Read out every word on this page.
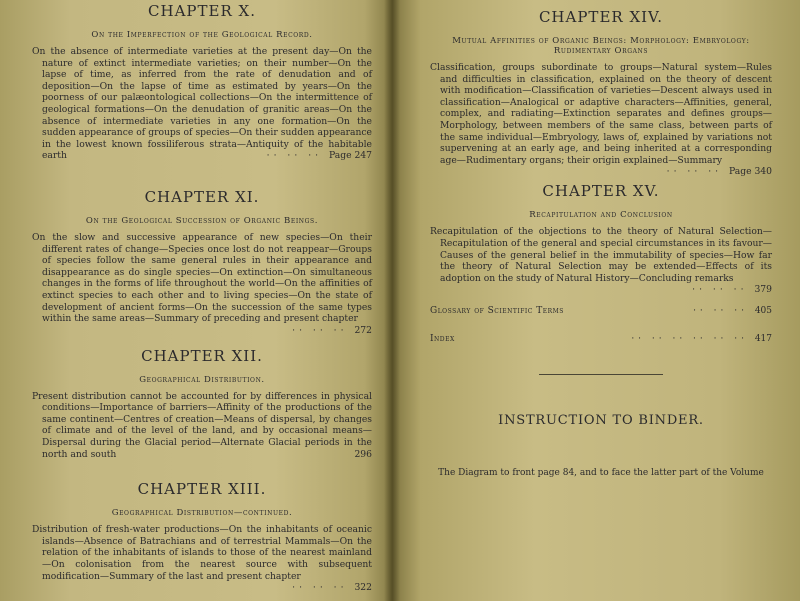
CHAPTER X.
On the Imperfection of the Geological Record.
On the absence of intermediate varieties at the present day—On the nature of extinct intermediate varieties; on their number—On the lapse of time, as inferred from the rate of denudation and of deposition—On the lapse of time as estimated by years—On the poorness of our palæontological collections—On the intermittence of geological formations—On the denudation of granitic areas—On the absence of intermediate varieties in any one formation—On the sudden appearance of groups of species—On their sudden appearance in the lowest known fossiliferous strata—Antiquity of the habitable earth	·· ·· ·· Page 247
CHAPTER XI.
On the Geological Succession of Organic Beings.
On the slow and successive appearance of new species—On their different rates of change—Species once lost do not reappear—Groups of species follow the same general rules in their appearance and disappearance as do single species—On extinction—On simultaneous changes in the forms of life throughout the world—On the affinities of extinct species to each other and to living species—On the state of development of ancient forms—On the succession of the same types within the same areas—Summary of preceding and present chapter
·· ·· ·· 272
CHAPTER XII.
Geographical Distribution.
Present distribution cannot be accounted for by differences in physical conditions—Importance of barriers—Affinity of the productions of the same continent—Centres of creation—Means of dispersal, by changes of climate and of the level of the land, and by occasional means—Dispersal during the Glacial period—Alternate Glacial periods in the north and south	296
CHAPTER XIII.
Geographical Distribution—continued.
Distribution of fresh-water productions—On the inhabitants of oceanic islands—Absence of Batrachians and of terrestrial Mammals—On the relation of the inhabitants of islands to those of the nearest mainland—On colonisation from the nearest source with subsequent modification—Summary of the last and present chapter
·· ·· ·· 322
CHAPTER XIV.
Mutual Affinities of Organic Beings: Morphology: Embryology: Rudimentary Organs
Classification, groups subordinate to groups—Natural system—Rules and difficulties in classification, explained on the theory of descent with modification—Classification of varieties—Descent always used in classification—Analogical or adaptive characters—Affinities, general, complex, and radiating—Extinction separates and defines groups—Morphology, between members of the same class, between parts of the same individual—Embryology, laws of, explained by variations not supervening at an early age, and being inherited at a corresponding age—Rudimentary organs; their origin explained—Summary
·· ·· ·· Page 340
CHAPTER XV.
Recapitulation and Conclusion
Recapitulation of the objections to the theory of Natural Selection—Recapitulation of the general and special circumstances in its favour—Causes of the general belief in the immutability of species—How far the theory of Natural Selection may be extended—Effects of its adoption on the study of Natural History—Concluding remarks
·· ·· ·· 379
Glossary of Scientific Terms	·· ·· ·· 405
Index	·· ·· ·· ·· ·· ·· 417
INSTRUCTION TO BINDER.

The Diagram to front page 84, and to face the latter part of the Volume
